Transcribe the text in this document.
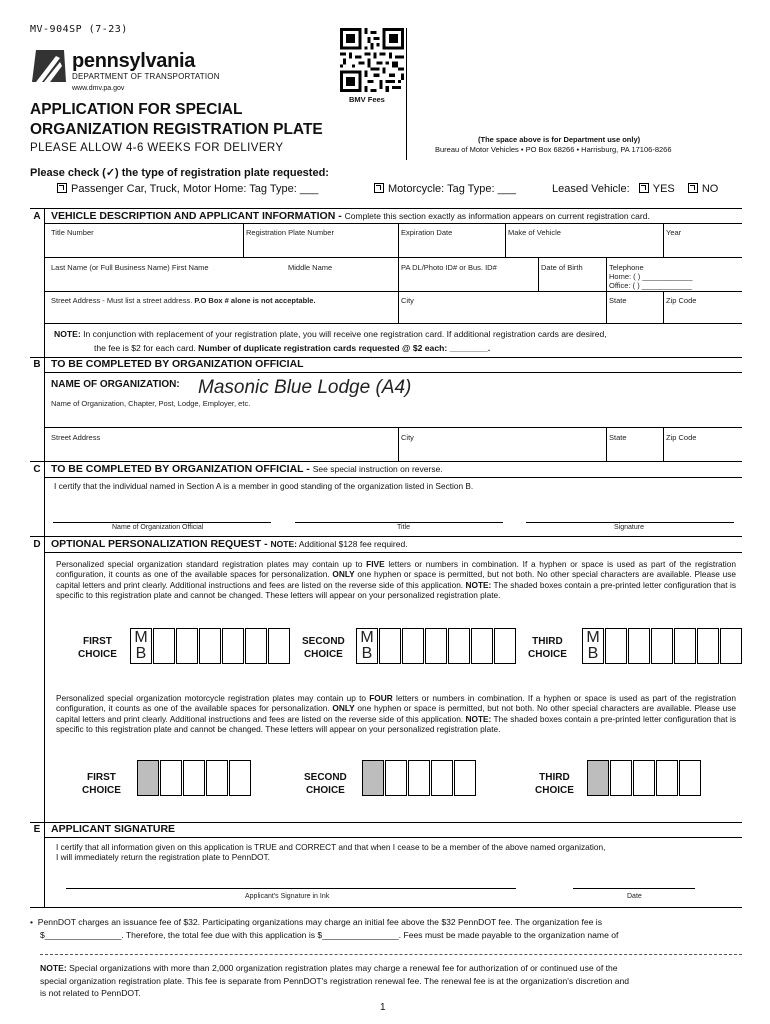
MV-904SP (7-23)
pennsylvania
DEPARTMENT OF TRANSPORTATION
www.dmv.pa.gov
BMV Fees
APPLICATION FOR SPECIAL
ORGANIZATION REGISTRATION PLATE
PLEASE ALLOW 4-6 WEEKS FOR DELIVERY
(The space above is for Department use only)
Bureau of Motor Vehicles • PO Box 68266 • Harrisburg, PA 17106-8266
Please check (✓) the type of registration plate requested:
Passenger Car, Truck, Motor Home: Tag Type: ___	Motorcycle: Tag Type: ___	Leased Vehicle: YES NO
A VEHICLE DESCRIPTION AND APPLICANT INFORMATION - Complete this section exactly as information appears on current registration card.
Title Number	Registration Plate Number	Expiration Date	Make of Vehicle	Year
Last Name (or Full Business Name) First Name	Middle Name	PA DL/Photo ID# or Bus. ID#	Date of Birth	Telephone
Home: ( ) ____________
Office: ( ) ____________
Street Address - Must list a street address. P.O Box # alone is not acceptable.	City	State	Zip Code
NOTE: In conjunction with replacement of your registration plate, you will receive one registration card. If additional registration cards are desired,
the fee is $2 for each card. Number of duplicate registration cards requested @ $2 each: ________.
B TO BE COMPLETED BY ORGANIZATION OFFICIAL
NAME OF ORGANIZATION: Masonic Blue Lodge (A4)
Name of Organization, Chapter, Post, Lodge, Employer, etc.
Street Address	City	State	Zip Code
C TO BE COMPLETED BY ORGANIZATION OFFICIAL - See special instruction on reverse.
I certify that the individual named in Section A is a member in good standing of the organization listed in Section B.
Name of Organization Official	Title	Signature
D OPTIONAL PERSONALIZATION REQUEST - NOTE: Additional $128 fee required.
Personalized special organization standard registration plates may contain up to FIVE letters or numbers in combination. If a hyphen or space is used as part of the registration configuration, it counts as one of the available spaces for personalization. ONLY one hyphen or space is permitted, but not both. No other special characters are available. Please use capital letters and print clearly. Additional instructions and fees are listed on the reverse side of this application. NOTE: The shaded boxes contain a pre-printed letter configuration that is specific to this registration plate and cannot be changed. These letters will appear on your personalized registration plate.
FIRST
CHOICE
M
B
SECOND
CHOICE
M
B
THIRD
CHOICE
M
B
Personalized special organization motorcycle registration plates may contain up to FOUR letters or numbers in combination. If a hyphen or space is used as part of the registration configuration, it counts as one of the available spaces for personalization. ONLY one hyphen or space is permitted, but not both. No other special characters are available. Please use capital letters and print clearly. Additional instructions and fees are listed on the reverse side of this application. NOTE: The shaded boxes contain a pre-printed letter configuration that is specific to this registration plate and cannot be changed. These letters will appear on your personalized registration plate.
FIRST
CHOICE
SECOND
CHOICE
THIRD
CHOICE
E	APPLICANT SIGNATURE
I certify that all information given on this application is TRUE and CORRECT and that when I cease to be a member of the above named organization,
I will immediately return the registration plate to PennDOT.
Applicant's Signature in Ink	Date
•  PennDOT charges an issuance fee of $32. Participating organizations may charge an initial fee above the $32 PennDOT fee. The organization fee is
$________________. Therefore, the total fee due with this application is $________________. Fees must be made payable to the organization name of
NOTE: Special organizations with more than 2,000 organization registration plates may charge a renewal fee for authorization of or continued use of the
special organization registration plate. This fee is separate from PennDOT's registration renewal fee. The renewal fee is at the organization's discretion and
is not related to PennDOT.
1
